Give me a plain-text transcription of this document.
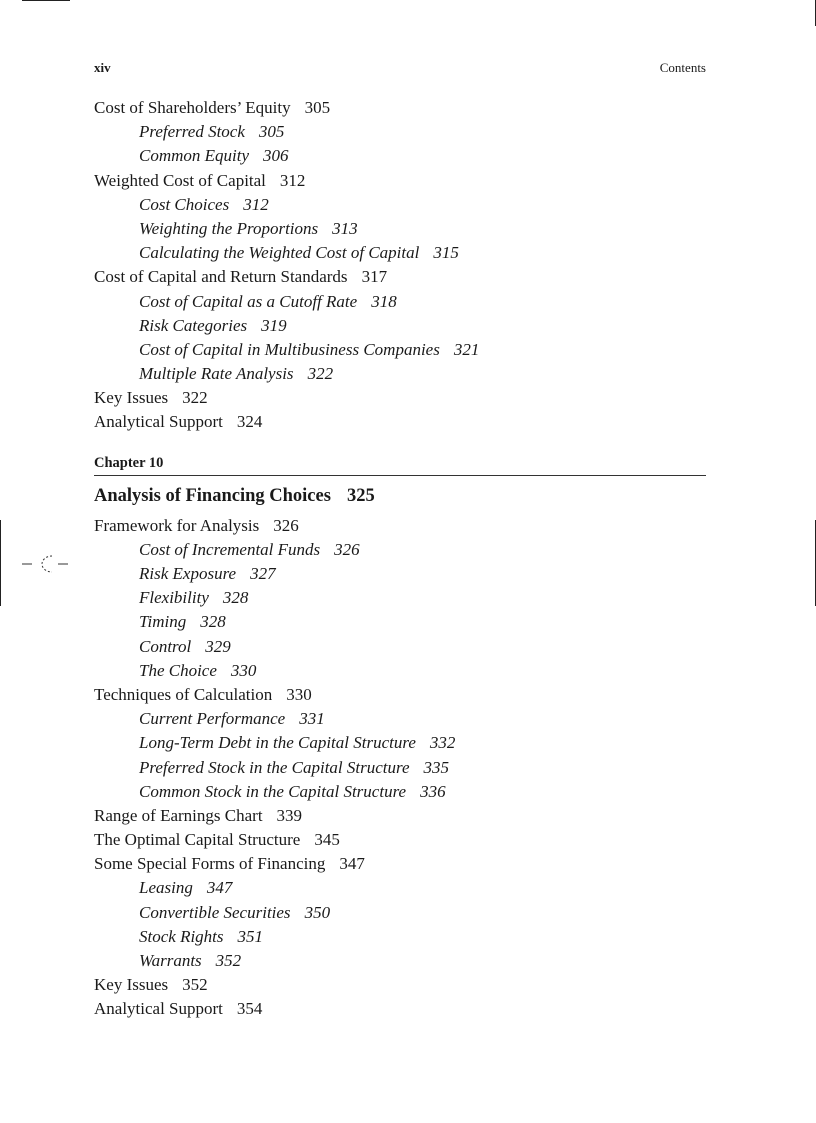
xiv	Contents
Cost of Shareholders’ Equity 305
Preferred Stock 305
Common Equity 306
Weighted Cost of Capital 312
Cost Choices 312
Weighting the Proportions 313
Calculating the Weighted Cost of Capital 315
Cost of Capital and Return Standards 317
Cost of Capital as a Cutoff Rate 318
Risk Categories 319
Cost of Capital in Multibusiness Companies 321
Multiple Rate Analysis 322
Key Issues 322
Analytical Support 324
Chapter 10
Analysis of Financing Choices 325
Framework for Analysis 326
Cost of Incremental Funds 326
Risk Exposure 327
Flexibility 328
Timing 328
Control 329
The Choice 330
Techniques of Calculation 330
Current Performance 331
Long-Term Debt in the Capital Structure 332
Preferred Stock in the Capital Structure 335
Common Stock in the Capital Structure 336
Range of Earnings Chart 339
The Optimal Capital Structure 345
Some Special Forms of Financing 347
Leasing 347
Convertible Securities 350
Stock Rights 351
Warrants 352
Key Issues 352
Analytical Support 354
